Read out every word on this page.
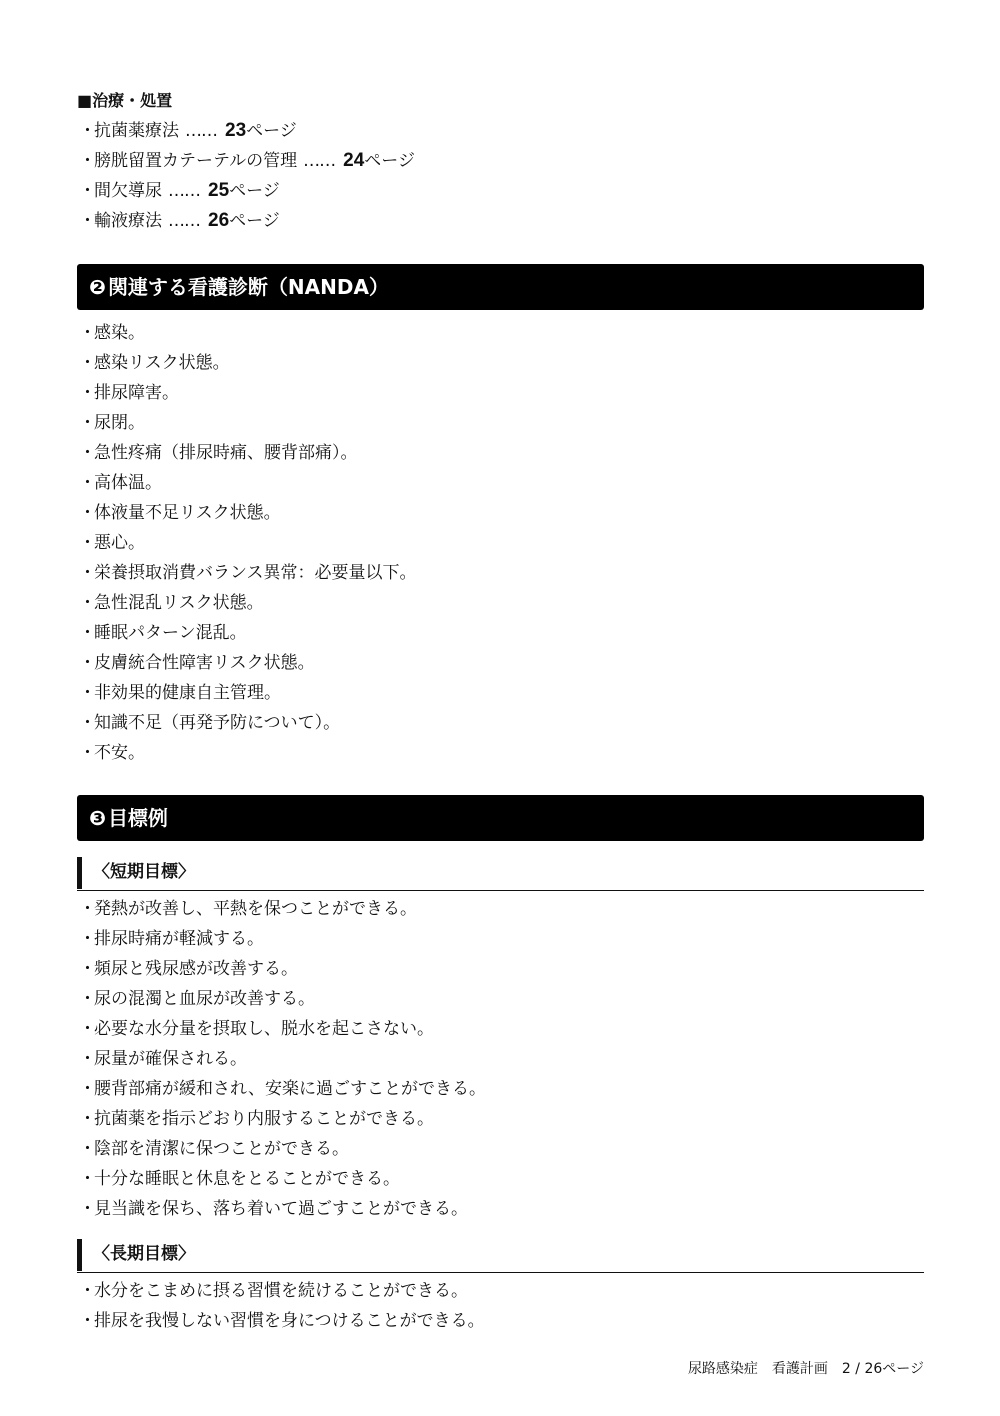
■治療・処置
・抗菌薬療法 …… 23ページ
・膀胱留置カテーテルの管理 …… 24ページ
・間欠導尿 …… 25ページ
・輸液療法 …… 26ページ
❷ 関連する看護診断（NANDA）
・感染。
・感染リスク状態。
・排尿障害。
・尿閉。
・急性疼痛（排尿時痛、腰背部痛）。
・高体温。
・体液量不足リスク状態。
・悪心。
・栄養摂取消費バランス異常：必要量以下。
・急性混乱リスク状態。
・睡眠パターン混乱。
・皮膚統合性障害リスク状態。
・非効果的健康自主管理。
・知識不足（再発予防について）。
・不安。
❸ 目標例
〈短期目標〉
・発熱が改善し、平熱を保つことができる。
・排尿時痛が軽減する。
・頻尿と残尿感が改善する。
・尿の混濁と血尿が改善する。
・必要な水分量を摂取し、脱水を起こさない。
・尿量が確保される。
・腰背部痛が緩和され、安楽に過ごすことができる。
・抗菌薬を指示どおり内服することができる。
・陰部を清潔に保つことができる。
・十分な睡眠と休息をとることができる。
・見当識を保ち、落ち着いて過ごすことができる。
〈長期目標〉
・水分をこまめに摂る習慣を続けることができる。
・排尿を我慢しない習慣を身につけることができる。
尿路感染症　看護計画　2 / 26ページ
